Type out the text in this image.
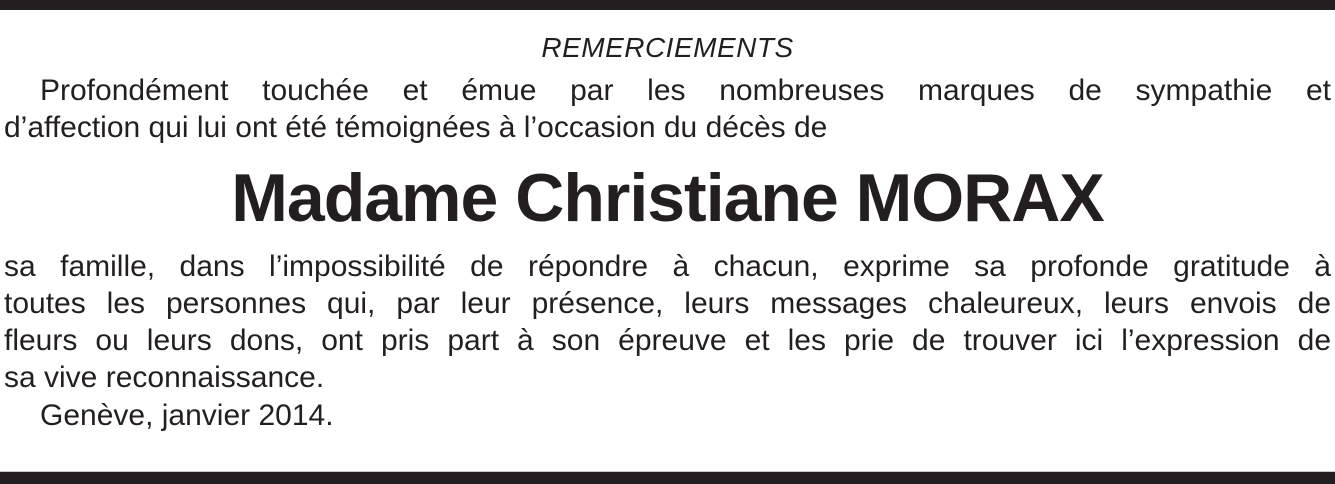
REMERCIEMENTS
Profondément touchée et émue par les nombreuses marques de sympathie et
d’affection qui lui ont été témoignées à l’occasion du décès de
Madame Christiane MORAX
sa famille, dans l’impossibilité de répondre à chacun, exprime sa profonde gratitude à
toutes les personnes qui, par leur présence, leurs messages chaleureux, leurs envois de
fleurs ou leurs dons, ont pris part à son épreuve et les prie de trouver ici l’expression de
sa vive reconnaissance.
Genève, janvier 2014.
